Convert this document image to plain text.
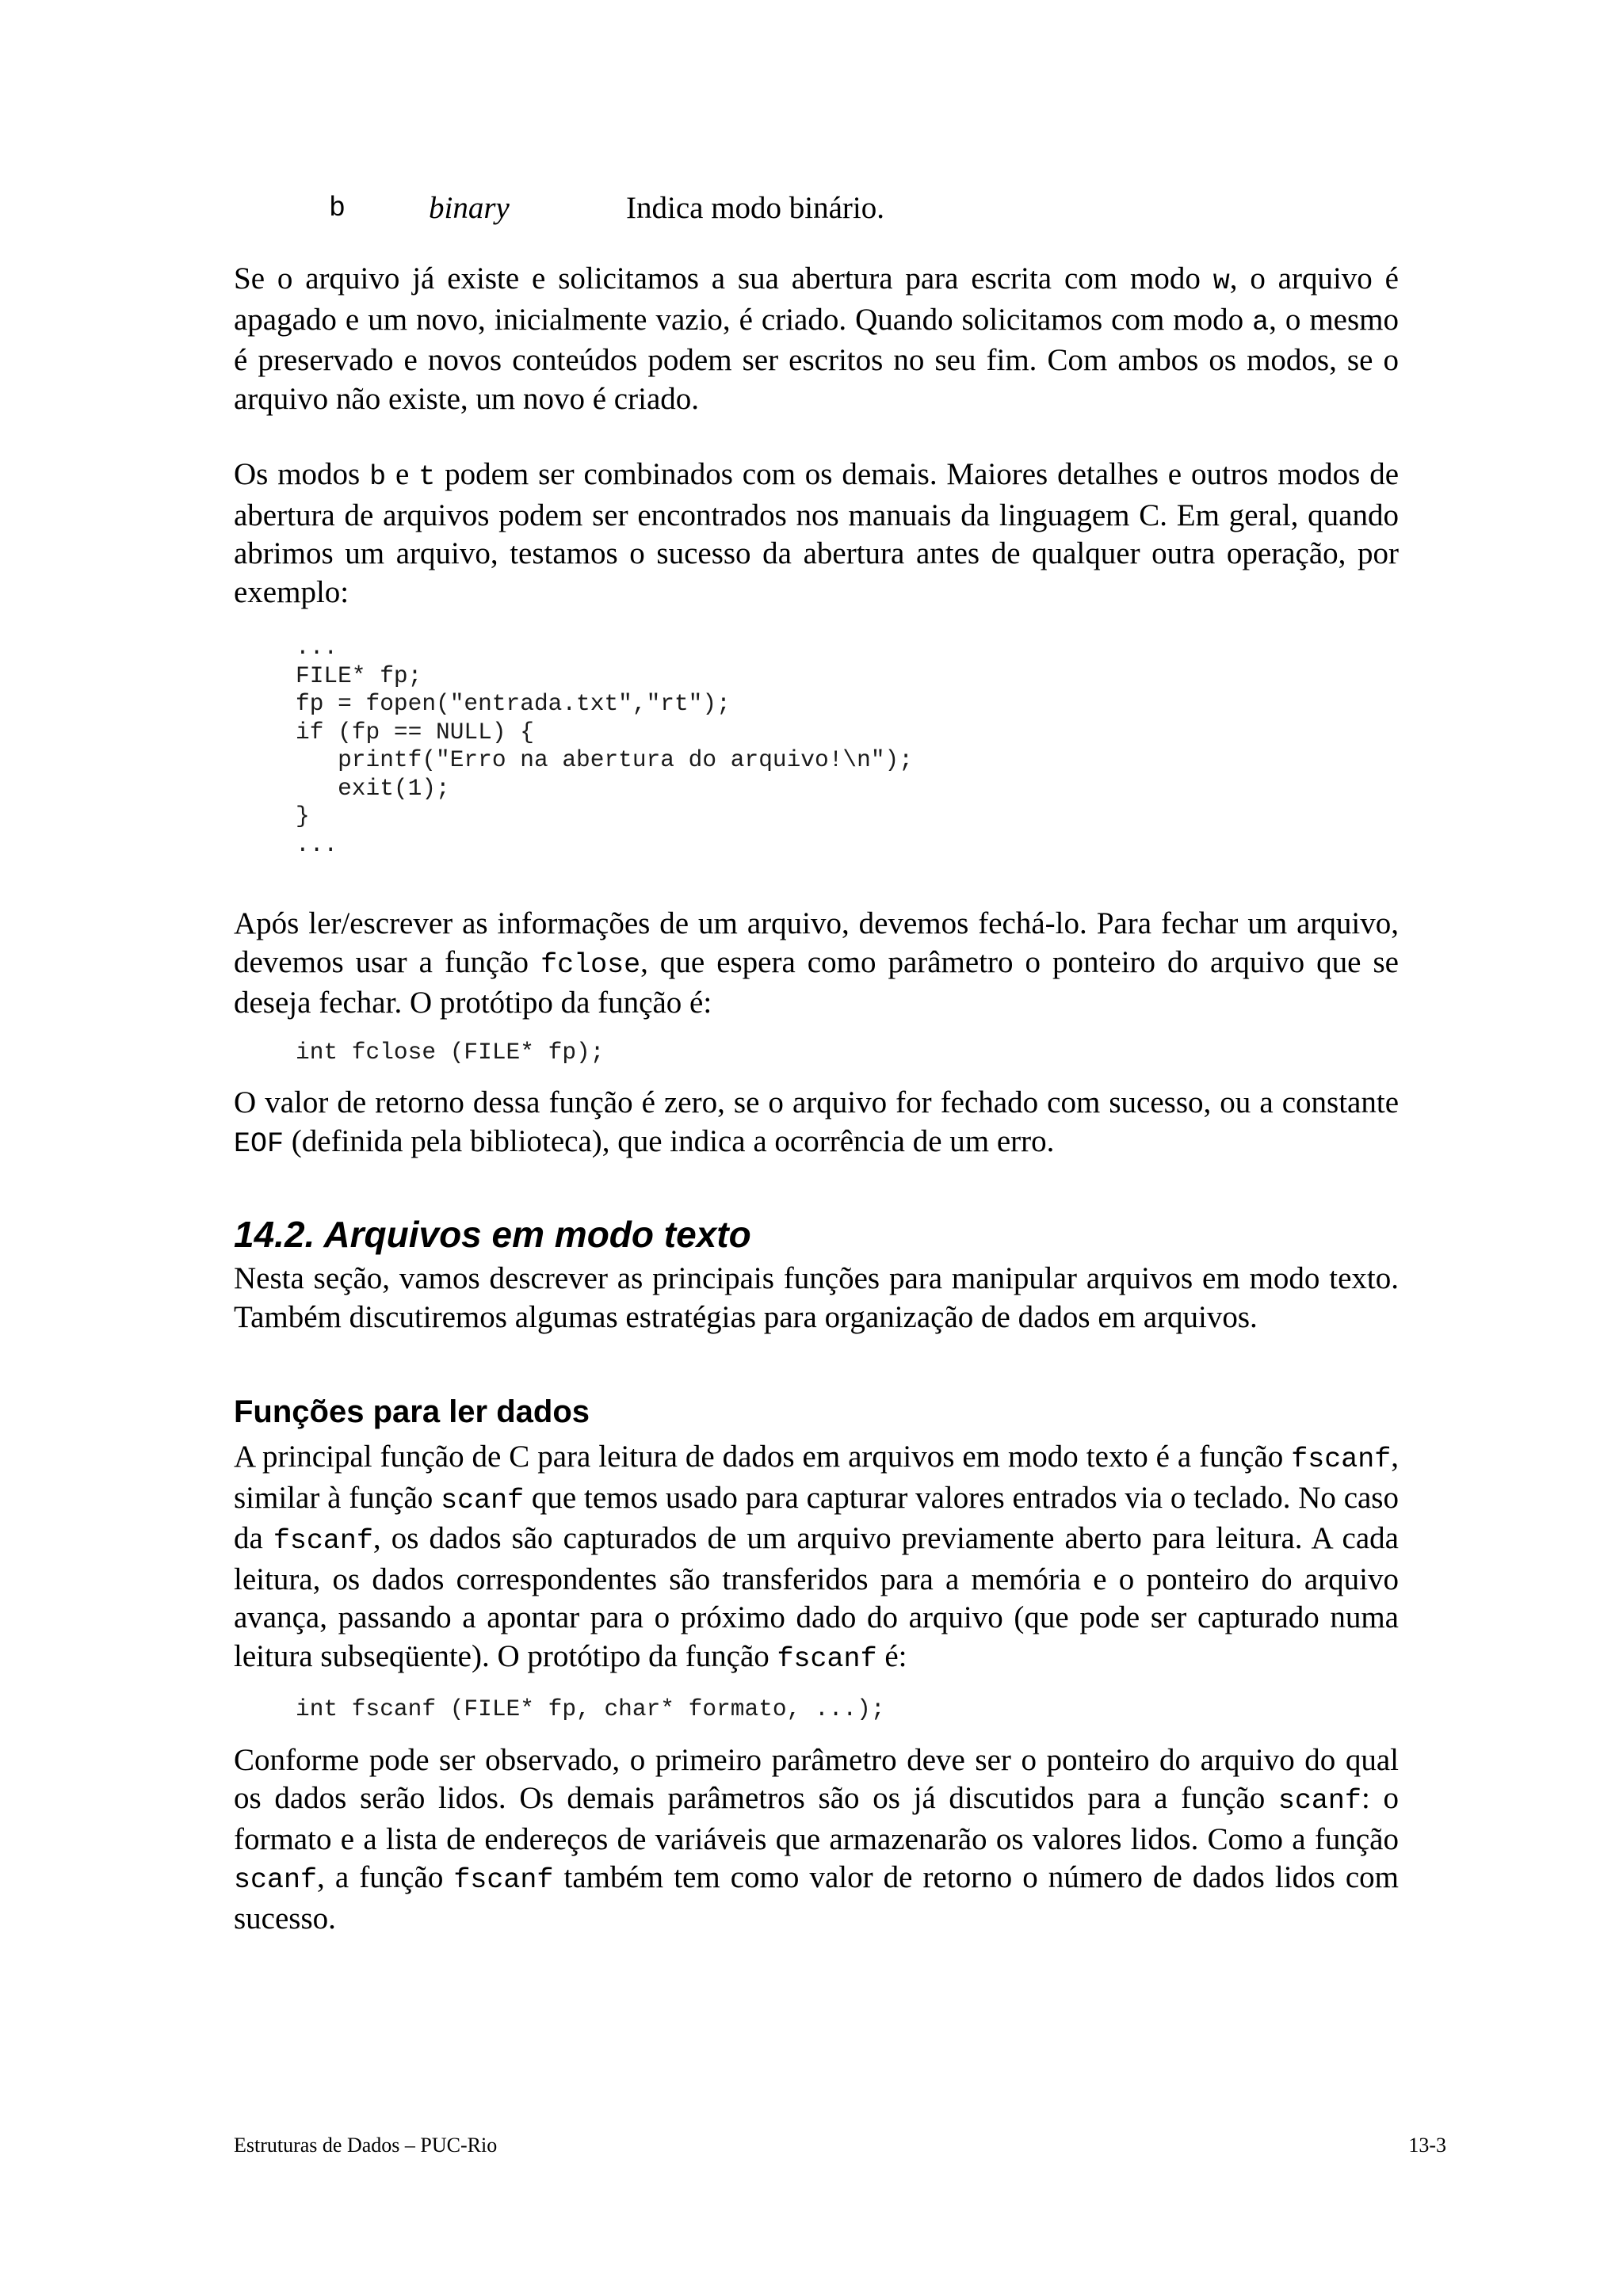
b	binary	Indica modo binário.

Se o arquivo já existe e solicitamos a sua abertura para escrita com modo w, o arquivo é apagado e um novo, inicialmente vazio, é criado. Quando solicitamos com modo a, o mesmo é preservado e novos conteúdos podem ser escritos no seu fim. Com ambos os modos, se o arquivo não existe, um novo é criado.

Os modos b e t podem ser combinados com os demais. Maiores detalhes e outros modos de abertura de arquivos podem ser encontrados nos manuais da linguagem C. Em geral, quando abrimos um arquivo, testamos o sucesso da abertura antes de qualquer outra operação, por exemplo:

...
FILE* fp;
fp = fopen("entrada.txt","rt");
if (fp == NULL) {
printf("Erro na abertura do arquivo!\n");
exit(1);
}
...

Após ler/escrever as informações de um arquivo, devemos fechá-lo. Para fechar um arquivo, devemos usar a função fclose, que espera como parâmetro o ponteiro do arquivo que se deseja fechar. O protótipo da função é:

int fclose (FILE* fp);

O valor de retorno dessa função é zero, se o arquivo for fechado com sucesso, ou a constante EOF (definida pela biblioteca), que indica a ocorrência de um erro.

14.2. Arquivos em modo texto

Nesta seção, vamos descrever as principais funções para manipular arquivos em modo texto. Também discutiremos algumas estratégias para organização de dados em arquivos.

Funções para ler dados

A principal função de C para leitura de dados em arquivos em modo texto é a função fscanf, similar à função scanf que temos usado para capturar valores entrados via o teclado. No caso da fscanf, os dados são capturados de um arquivo previamente aberto para leitura. A cada leitura, os dados correspondentes são transferidos para a memória e o ponteiro do arquivo avança, passando a apontar para o próximo dado do arquivo (que pode ser capturado numa leitura subseqüente). O protótipo da função fscanf é:

int fscanf (FILE* fp, char* formato, ...);

Conforme pode ser observado, o primeiro parâmetro deve ser o ponteiro do arquivo do qual os dados serão lidos. Os demais parâmetros são os já discutidos para a função scanf: o formato e a lista de endereços de variáveis que armazenarão os valores lidos. Como a função scanf, a função fscanf também tem como valor de retorno o número de dados lidos com sucesso.

Estruturas de Dados – PUC-Rio	13-3
